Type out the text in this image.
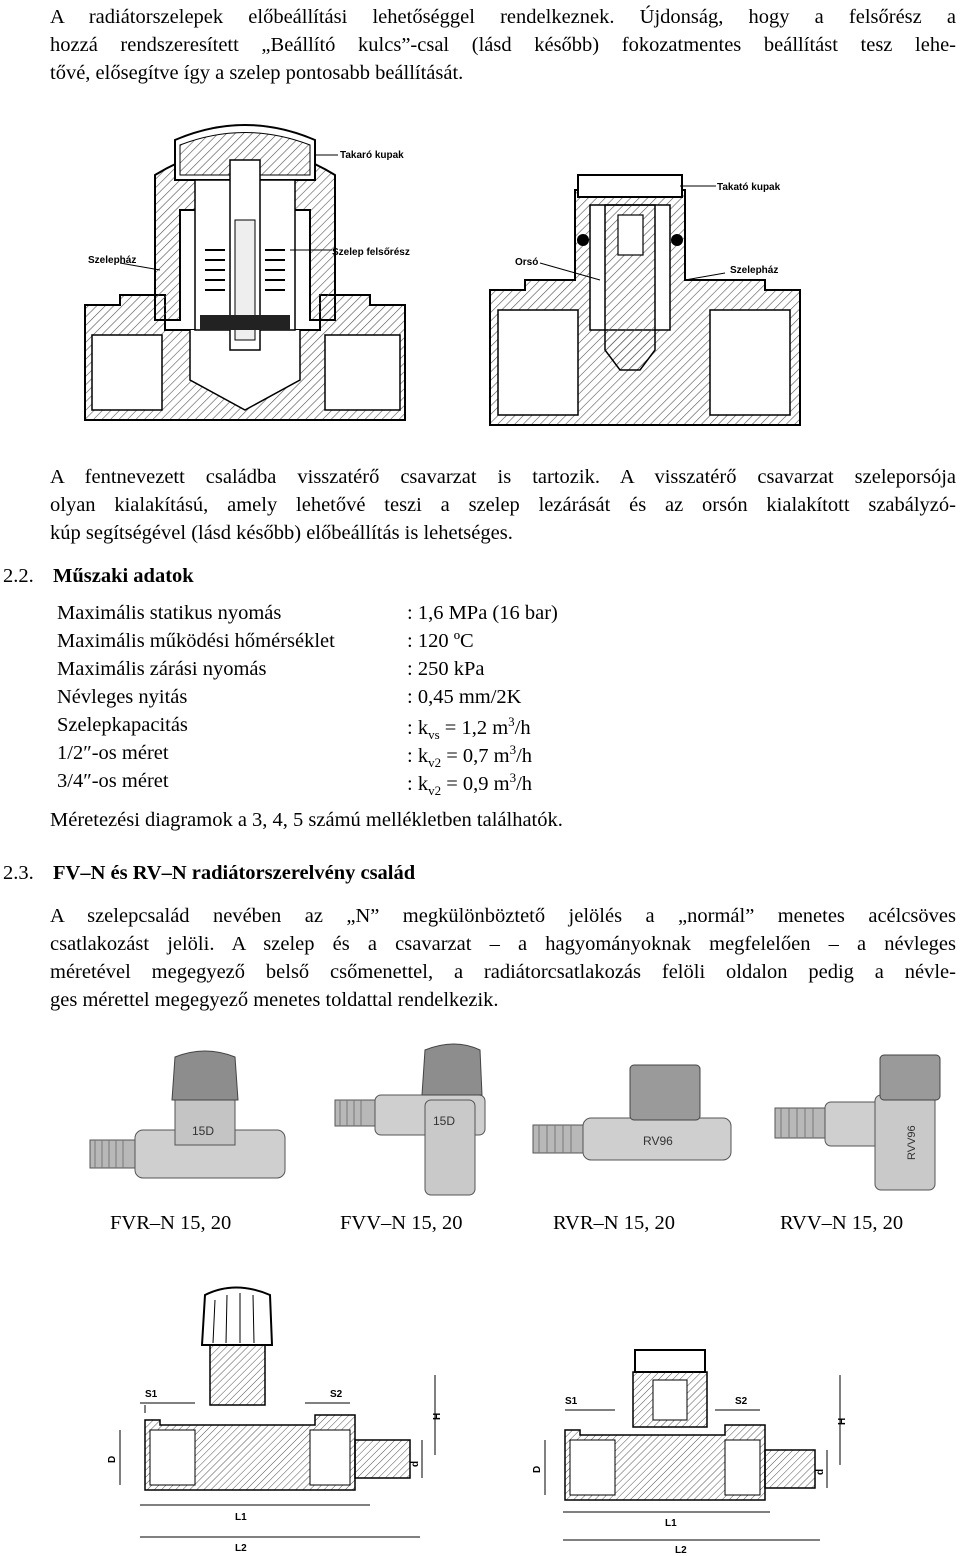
A radiátorszelepek előbeállítási lehetőséggel rendelkeznek. Újdonság, hogy a felsőrész a
hozzá rendszeresített „Beállító kulcs”-csal (lásd később) fokozatmentes beállítást tesz lehe-
tővé, elősegítve így a szelep pontosabb beállítását.
Takaró kupak
Szelepház
Szelep felsőrész
Takató kupak
Orsó
Szelepház
A fentnevezett családba visszatérő csavarzat is tartozik. A visszatérő csavarzat szeleporsója
olyan kialakítású, amely lehetővé teszi a szelep lezárását és az orsón kialakított szabályzó-
kúp segítségével (lásd később) előbeállítás is lehetséges.
2.2. Műszaki adatok
Maximális statikus nyomás	: 1,6 MPa (16 bar)
Maximális működési hőmérséklet	: 120 ºC
Maximális zárási nyomás	: 250 kPa
Névleges nyitás	: 0,45 mm/2K
Szelepkapacitás	: $k_{vs} = 1,2$ $m^3/h$
1/2″-os méret	: $k_{v2} = 0,7$ $m^3/h$
3/4″-os méret	: $k_{v2} = 0,9$ $m^3/h$
Méretezési diagramok a 3, 4, 5 számú mellékletben találhatók.
2.3. FV–N és RV–N radiátorszerelvény család
A szelepcsalád nevében az „N” megkülönböztető jelölés a „normál” menetes acélcsöves
csatlakozást jelöli. A szelep és a csavarzat – a hagyományoknak megfelelően – a névleges
méretével megegyező belső csőmenettel, a radiátorcsatlakozás felöli oldalon pedig a névle-
ges mérettel megegyező menetes toldattal rendelkezik.
15D
15D
RV96	RVV96
FVR–N 15, 20	FVV–N 15, 20	RVR–N 15, 20	RVV–N 15, 20
S1	S2
H
D
d
L1
L2
S1	S2
H
D	d
L1
L2
